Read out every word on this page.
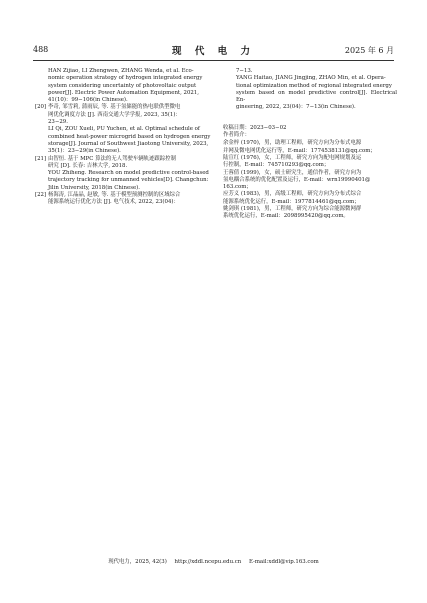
488	现 代 电 力	2025 年 6 月
HAN Zijiao, LI Zhengwen, ZHANG Wenda, et al. Eco-
nomic operation strategy of hydrogen integrated energy
system considering uncertainty of photovoltaic output
power[J]. Electric Power Automation Equipment, 2021,
41(10)：99−106(in Chinese).
[20] 李奇, 邹雪莉, 蒲雨辰, 等. 基于氢储能的热电联供型微电
网优化调度方法 [J]. 西南交通大学学报, 2023, 35(1)：
23−29.
LI Qi, ZOU Xueli, PU Yuchen, et al. Optimal schedule of
combined heat-power microgrid based on hydrogen energy
storage[J]. Journal of Southwest Jiaotong University, 2023,
35(1)：23−29(in Chinese).
[21] 由智恒. 基于 MPC 算法的无人驾驶车辆轨迹跟踪控制
研究 [D]. 长春: 吉林大学, 2018.
YOU Zhiheng. Research on model predictive control-based
trajectory tracking for unmanned vehicles[D]. Changchun:
Jilin University, 2018(in Chinese).
[22] 杨海涛, 江晶晶, 赵敏, 等. 基于模型预测控制的区域综合
能源系统运行优化方法 [J]. 电气技术, 2022, 23(04)：
7−13.
YANG Haitao, JIANG Jingjing, ZHAO Min, et al. Opera-
tional optimization method of regional integrated energy
system based on model predictive control[J]. Electrical En-
gineering, 2022, 23(04)：7−13(in Chinese).
收稿日期：2023−03−02
作者简介：
余金梓 (1970)，男，助理工程师，研究方向为分布式电源
并网及微电网优化运行等，E-mail：1774538131@qq.com；
陆宣红 (1976)，女，工程师，研究方向为配电网规划及运
行控制，E-mail：745710293@qq.com；
王蓉倩 (1999)，女，硕士研究生，通信作者，研究方向为
氢电耦合系统的优化配置及运行，E-mail：wrn19990401@
163.com；
应芳义 (1983)，男，高级工程师，研究方向为分布式综合
能源系统优化运行，E-mail：1977814461@qq.com；
姚剑琪 (1981)，男，工程师，研究方向为综合能源微网群
系统优化运行，E-mail：2098995420@qq.com。
现代电力，2025, 42(3) http://xddl.ncepu.edu.cn E-mail:xddl@vip.163.com
